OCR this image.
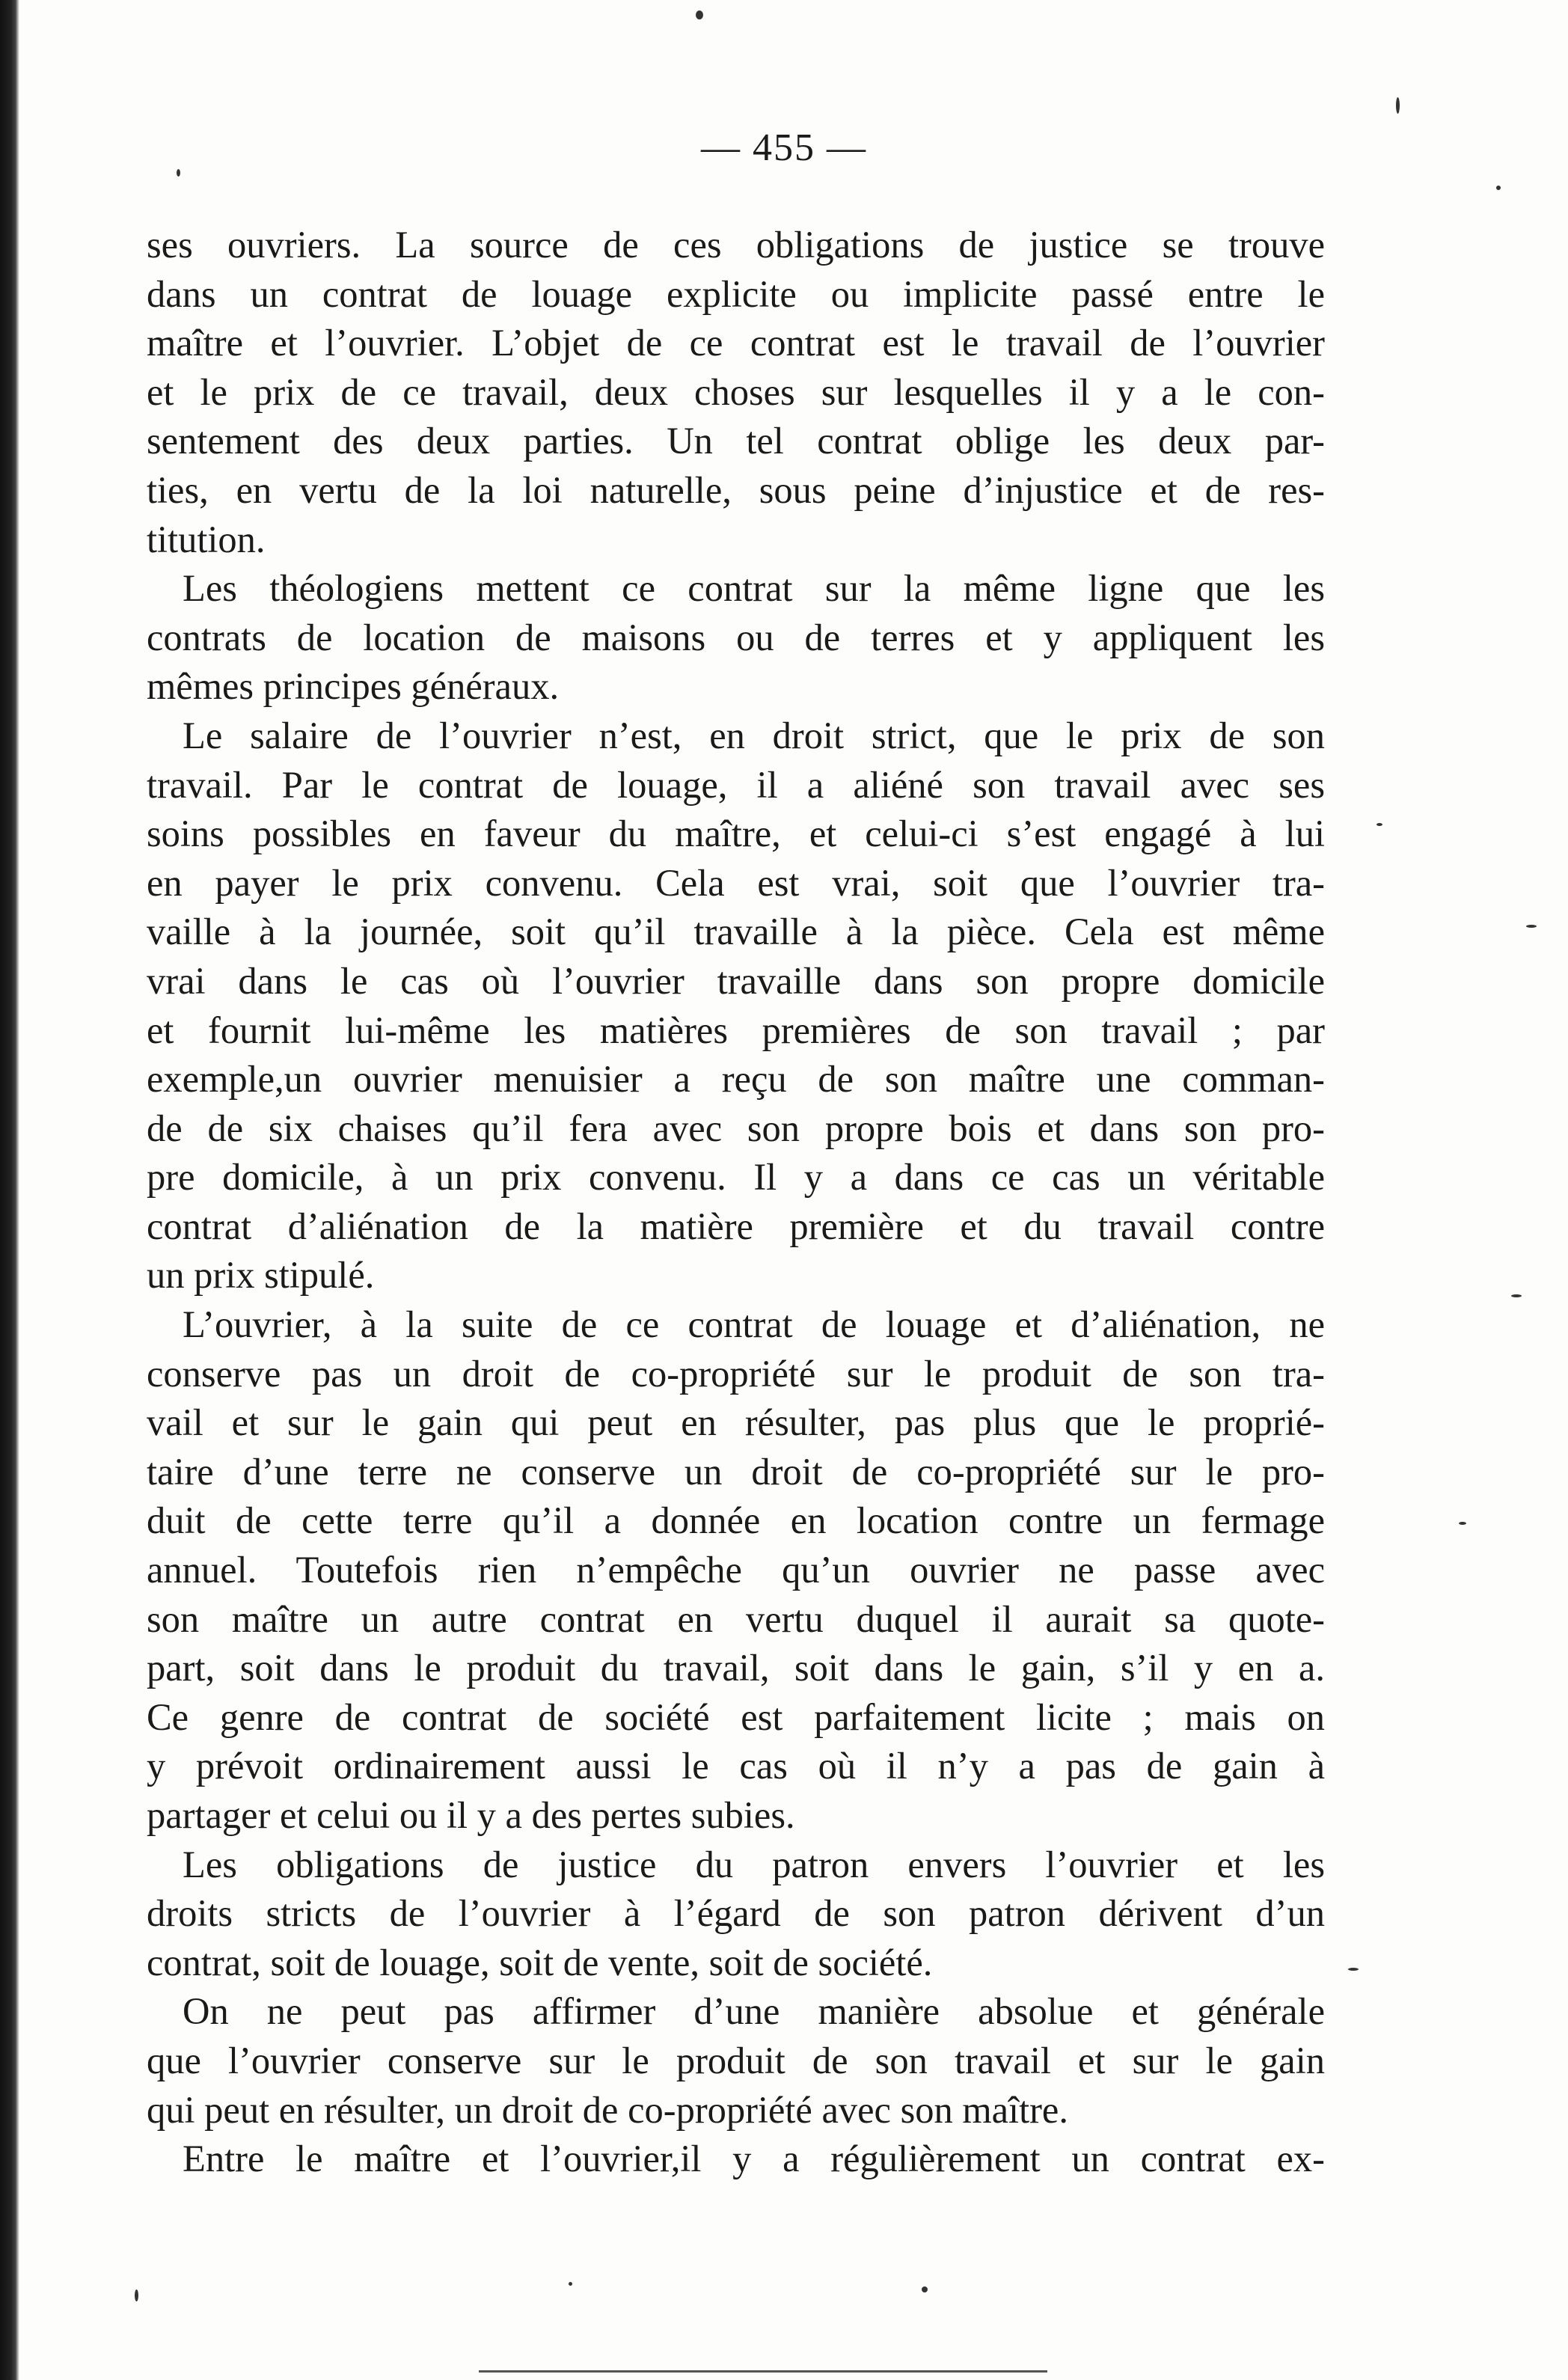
— 455 —
ses ouvriers. La source de ces obligations de justice se trouve
dans un contrat de louage explicite ou implicite passé entre le
maître et l’ouvrier. L’objet de ce contrat est le travail de l’ouvrier
et le prix de ce travail, deux choses sur lesquelles il y a le con-
sentement des deux parties. Un tel contrat oblige les deux par-
ties, en vertu de la loi naturelle, sous peine d’injustice et de res-
titution.
Les théologiens mettent ce contrat sur la même ligne que les
contrats de location de maisons ou de terres et y appliquent les
mêmes principes généraux.
Le salaire de l’ouvrier n’est, en droit strict, que le prix de son
travail. Par le contrat de louage, il a aliéné son travail avec ses
soins possibles en faveur du maître, et celui-ci s’est engagé à lui
en payer le prix convenu. Cela est vrai, soit que l’ouvrier tra-
vaille à la journée, soit qu’il travaille à la pièce. Cela est même
vrai dans le cas où l’ouvrier travaille dans son propre domicile
et fournit lui-même les matières premières de son travail ; par
exemple,un ouvrier menuisier a reçu de son maître une comman-
de de six chaises qu’il fera avec son propre bois et dans son pro-
pre domicile, à un prix convenu. Il y a dans ce cas un véritable
contrat d’aliénation de la matière première et du travail contre
un prix stipulé.
L’ouvrier, à la suite de ce contrat de louage et d’aliénation, ne
conserve pas un droit de co-propriété sur le produit de son tra-
vail et sur le gain qui peut en résulter, pas plus que le proprié-
taire d’une terre ne conserve un droit de co-propriété sur le pro-
duit de cette terre qu’il a donnée en location contre un fermage
annuel. Toutefois rien n’empêche qu’un ouvrier ne passe avec
son maître un autre contrat en vertu duquel il aurait sa quote-
part, soit dans le produit du travail, soit dans le gain, s’il y en a.
Ce genre de contrat de société est parfaitement licite ; mais on
y prévoit ordinairement aussi le cas où il n’y a pas de gain à
partager et celui ou il y a des pertes subies.
Les obligations de justice du patron envers l’ouvrier et les
droits stricts de l’ouvrier à l’égard de son patron dérivent d’un
contrat, soit de louage, soit de vente, soit de société.
On ne peut pas affirmer d’une manière absolue et générale
que l’ouvrier conserve sur le produit de son travail et sur le gain
qui peut en résulter, un droit de co-propriété avec son maître.
Entre le maître et l’ouvrier,il y a régulièrement un contrat ex-
